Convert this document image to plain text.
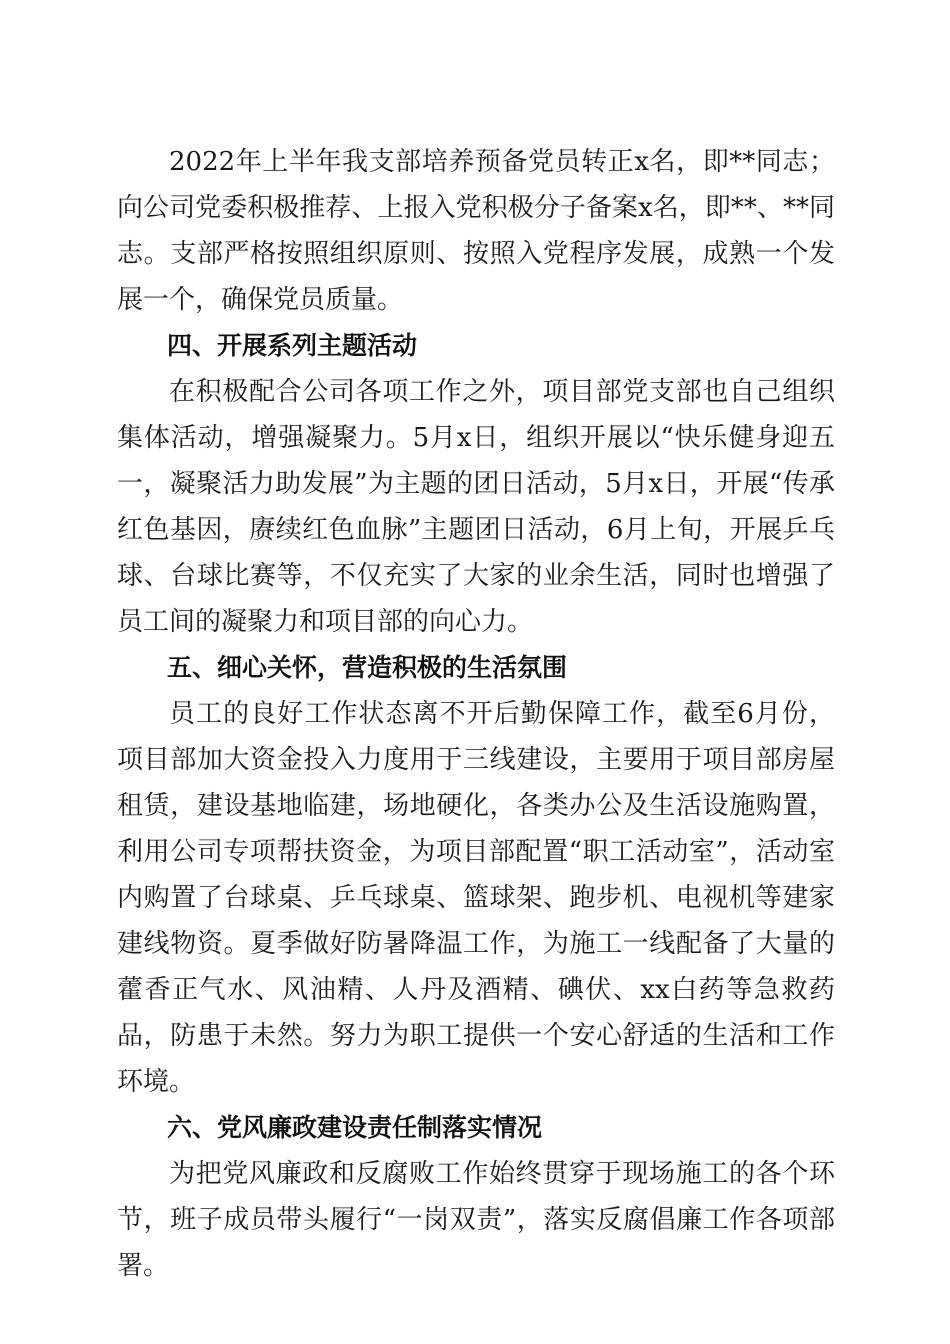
2022年上半年我支部培养预备党员转正x名，即**同志；向公司党委积极推荐、上报入党积极分子备案x名，即**、**同志。支部严格按照组织原则、按照入党程序发展，成熟一个发展一个，确保党员质量。

四、开展系列主题活动

在积极配合公司各项工作之外，项目部党支部也自己组织集体活动，增强凝聚力。5月x日，组织开展以“快乐健身迎五一，凝聚活力助发展”为主题的团日活动，5月x日，开展“传承红色基因，赓续红色血脉”主题团日活动，6月上旬，开展乒乓球、台球比赛等，不仅充实了大家的业余生活，同时也增强了员工间的凝聚力和项目部的向心力。

五、细心关怀，营造积极的生活氛围

员工的良好工作状态离不开后勤保障工作，截至6月份，项目部加大资金投入力度用于三线建设，主要用于项目部房屋租赁，建设基地临建，场地硬化，各类办公及生活设施购置，利用公司专项帮扶资金，为项目部配置“职工活动室”，活动室内购置了台球桌、乒乓球桌、篮球架、跑步机、电视机等建家建线物资。夏季做好防暑降温工作，为施工一线配备了大量的藿香正气水、风油精、人丹及酒精、碘伏、xx白药等急救药品，防患于未然。努力为职工提供一个安心舒适的生活和工作环境。

六、党风廉政建设责任制落实情况

为把党风廉政和反腐败工作始终贯穿于现场施工的各个环节，班子成员带头履行“一岗双责”，落实反腐倡廉工作各项部署。
